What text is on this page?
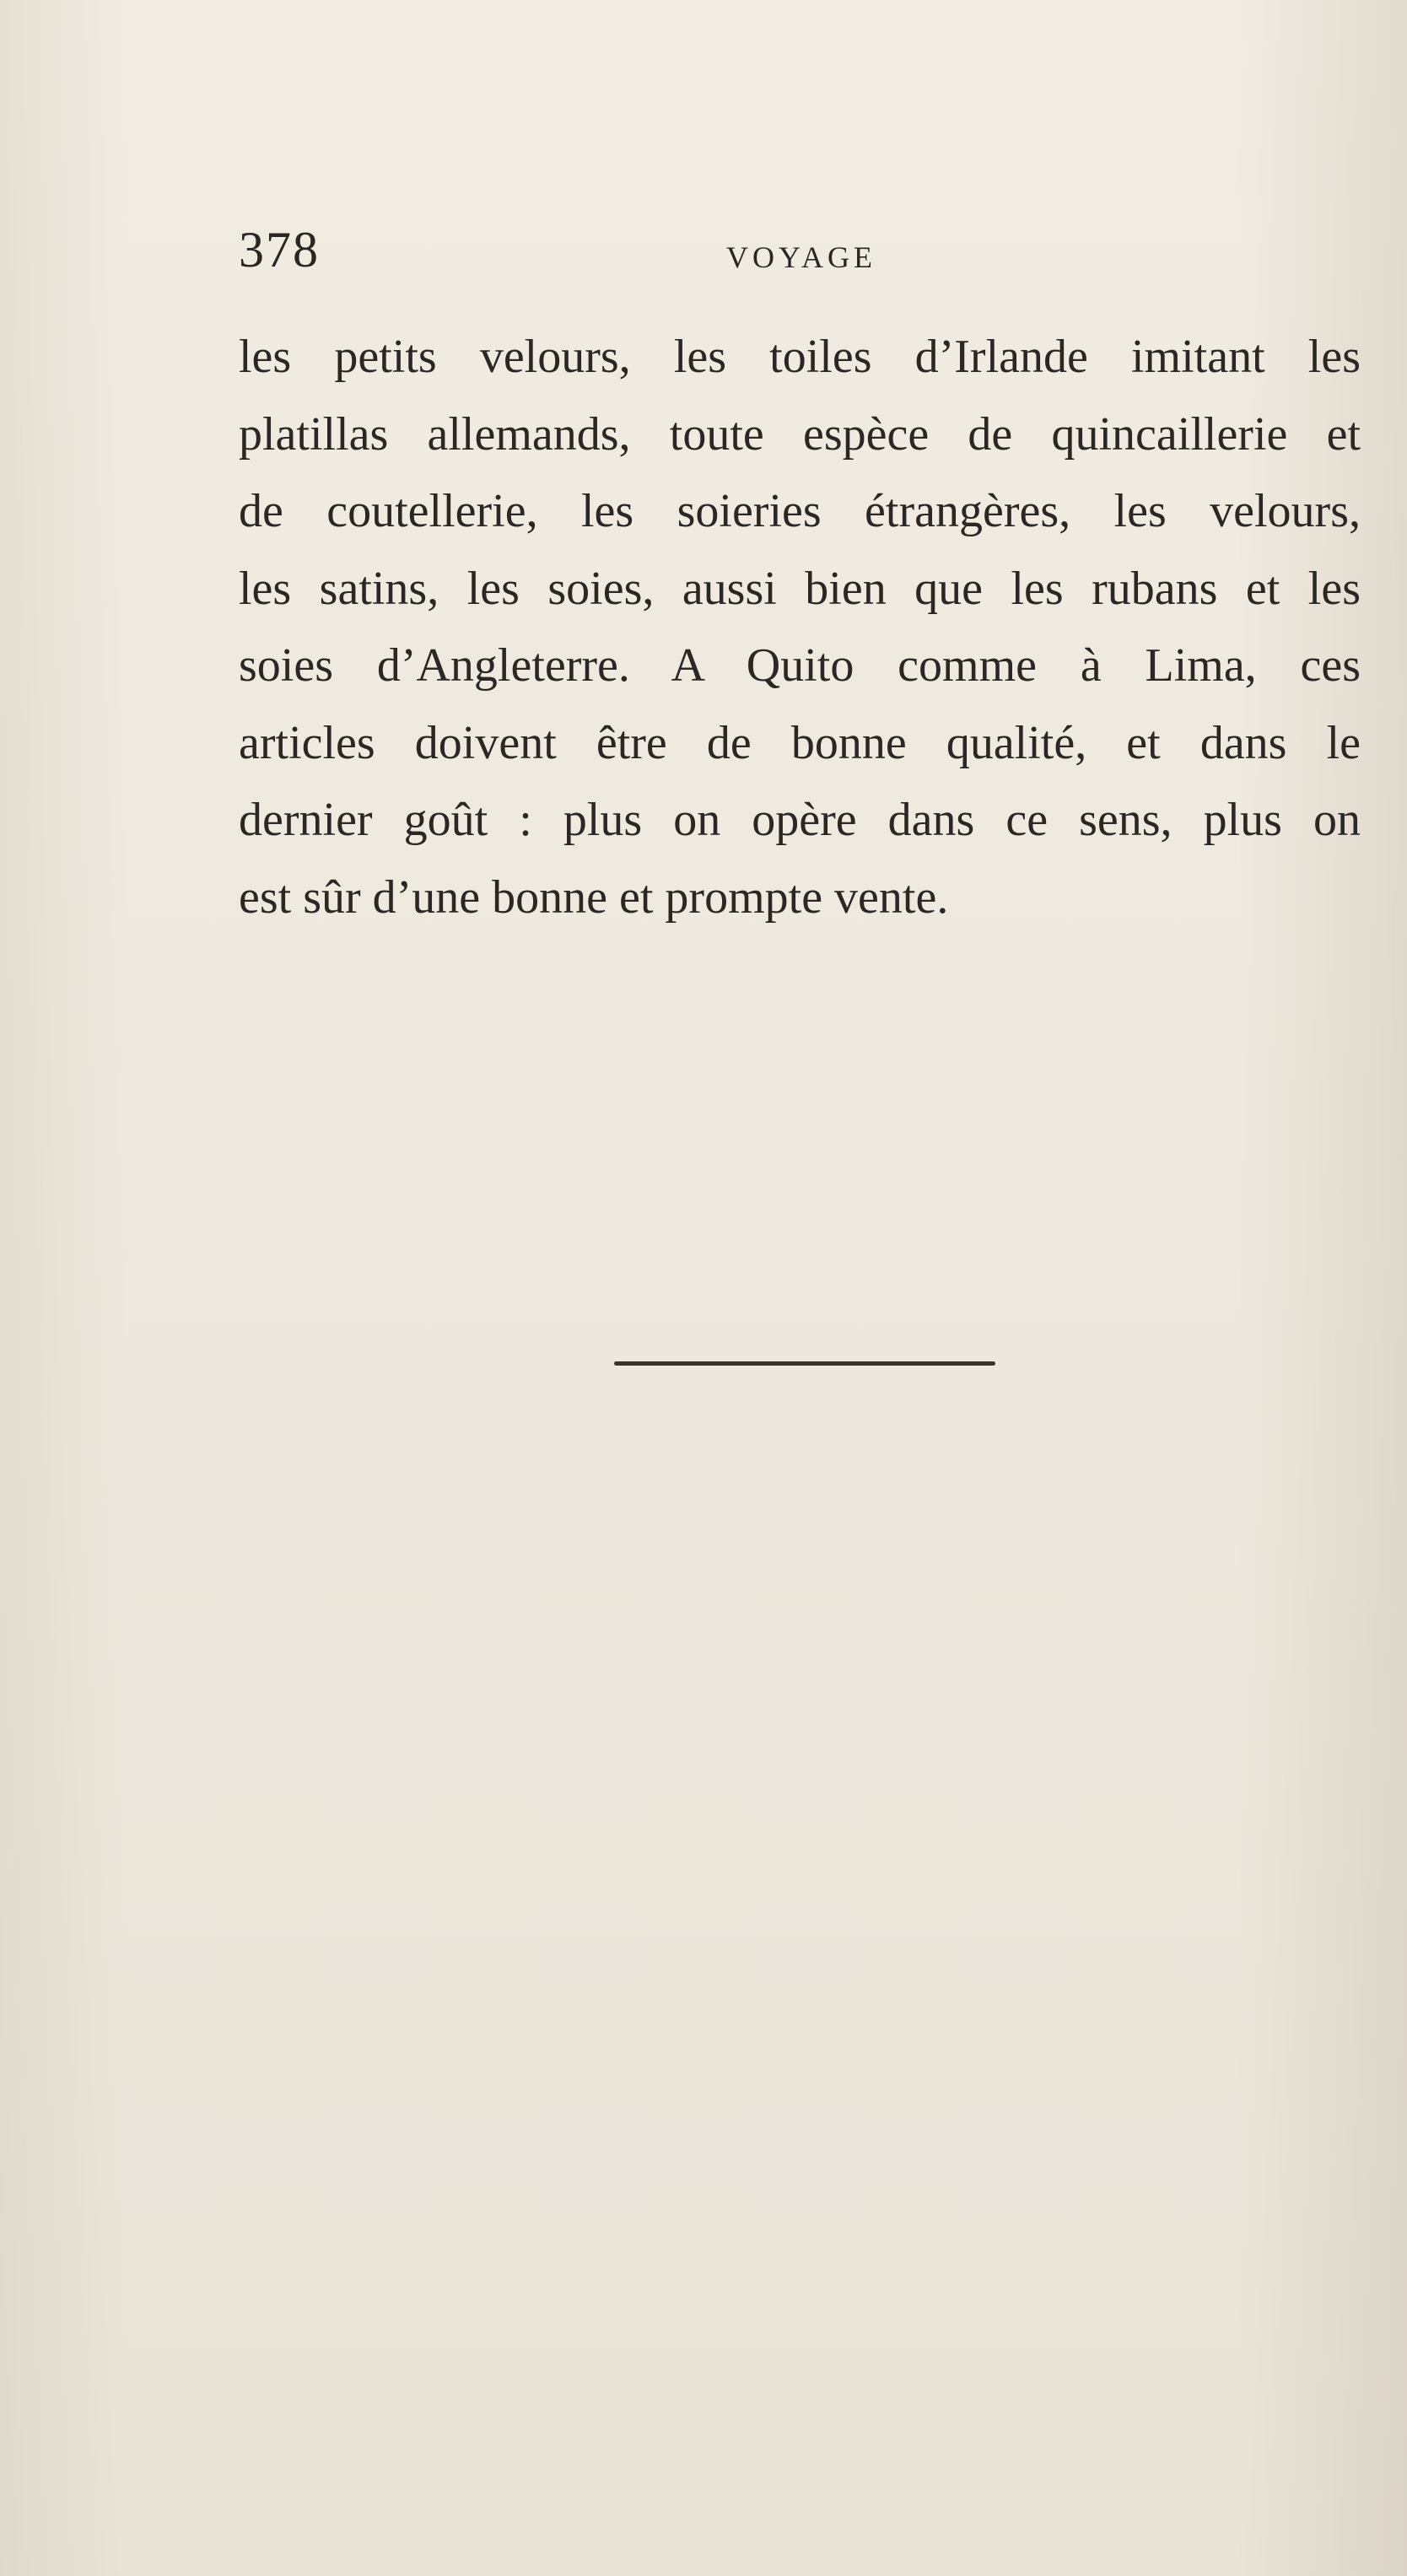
378	VOYAGE
les petits velours, les toiles d’Irlande imitant les
platillas allemands, toute espèce de quincaillerie et
de coutellerie, les soieries étrangères, les velours,
les satins, les soies, aussi bien que les rubans et les
soies d’Angleterre. A Quito comme à Lima, ces
articles doivent être de bonne qualité, et dans le
dernier goût : plus on opère dans ce sens, plus on
est sûr d’une bonne et prompte vente.
